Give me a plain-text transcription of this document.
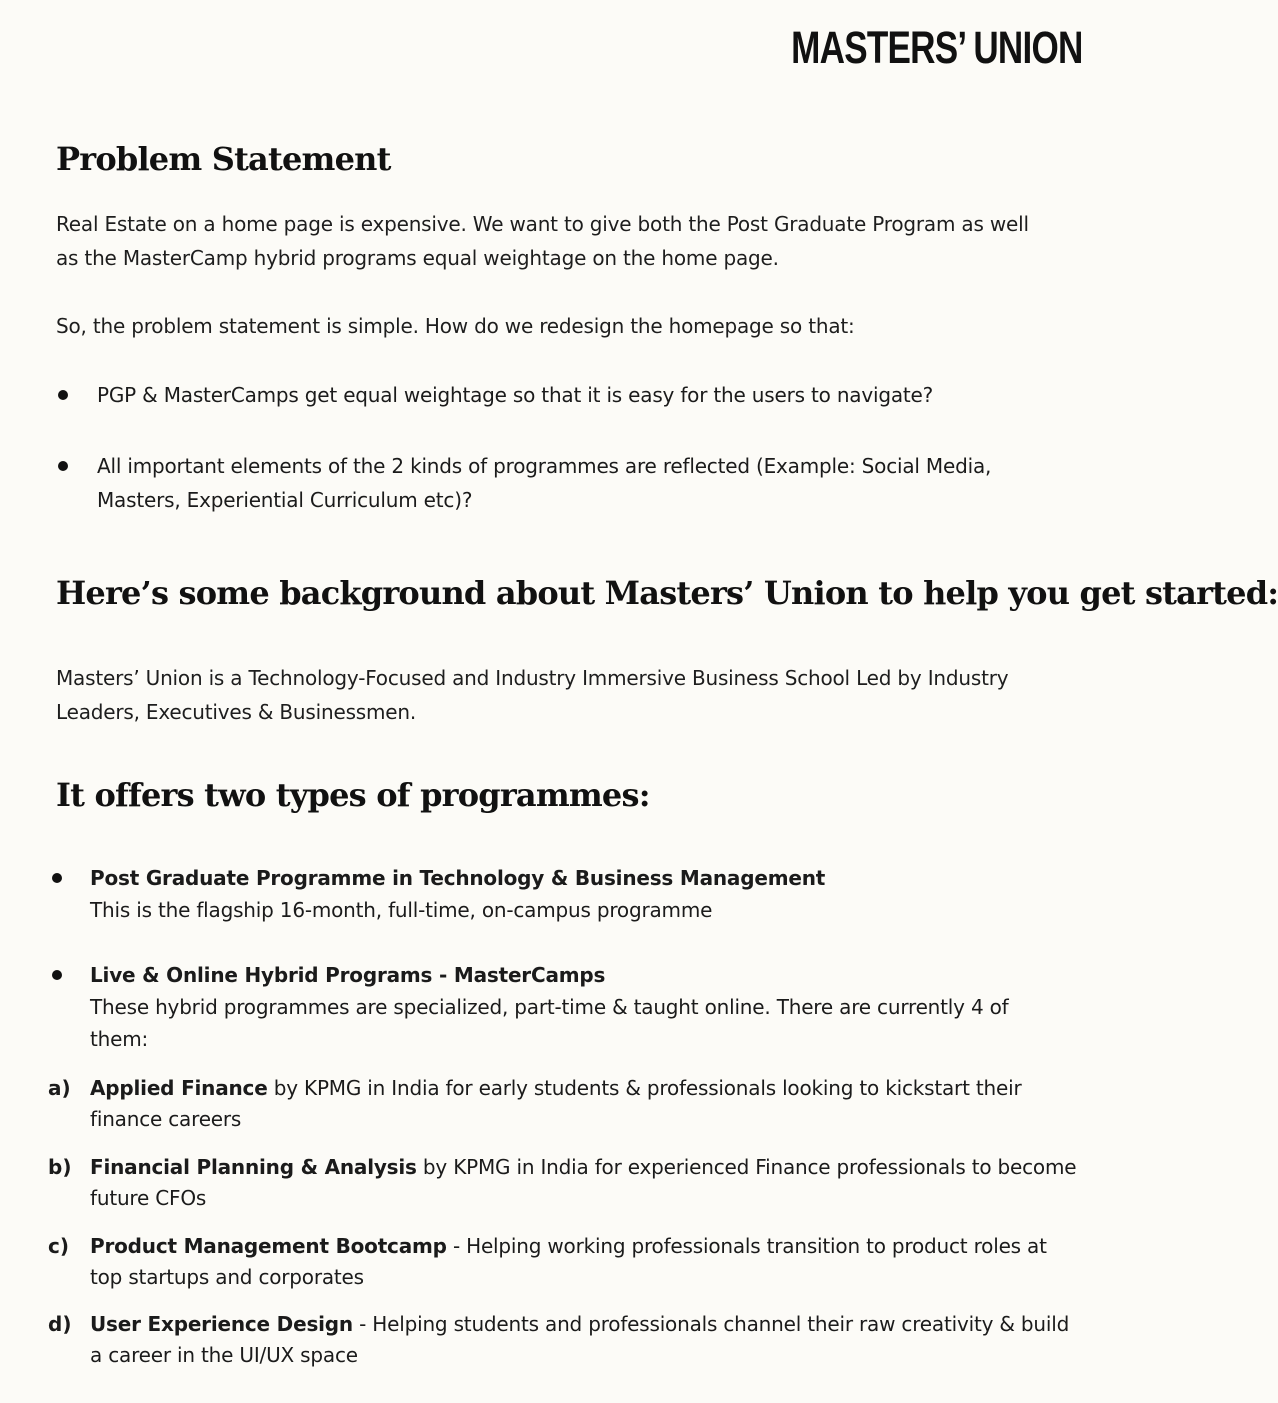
MASTERS’ UNION
Problem Statement

Real Estate on a home page is expensive. We want to give both the Post Graduate Program as well as the MasterCamp hybrid programs equal weightage on the home page.

So, the problem statement is simple. How do we redesign the homepage so that:

PGP & MasterCamps get equal weightage so that it is easy for the users to navigate?

All important elements of the 2 kinds of programmes are reflected (Example: Social Media, Masters, Experiential Curriculum etc)?

Here’s some background about Masters’ Union to help you get started:

Masters’ Union is a Technology-Focused and Industry Immersive Business School Led by Industry Leaders, Executives & Businessmen.

It offers two types of programmes:
Post Graduate Programme in Technology & Business Management
This is the flagship 16-month, full-time, on-campus programme
Live & Online Hybrid Programs - MasterCamps
These hybrid programmes are specialized, part-time & taught online. There are currently 4 of them:
a) Applied Finance by KPMG in India for early students & professionals looking to kickstart their finance careers

b) Financial Planning & Analysis by KPMG in India for experienced Finance professionals to become future CFOs

c) Product Management Bootcamp - Helping working professionals transition to product roles at top startups and corporates

d) User Experience Design - Helping students and professionals channel their raw creativity & build a career in the UI/UX space
